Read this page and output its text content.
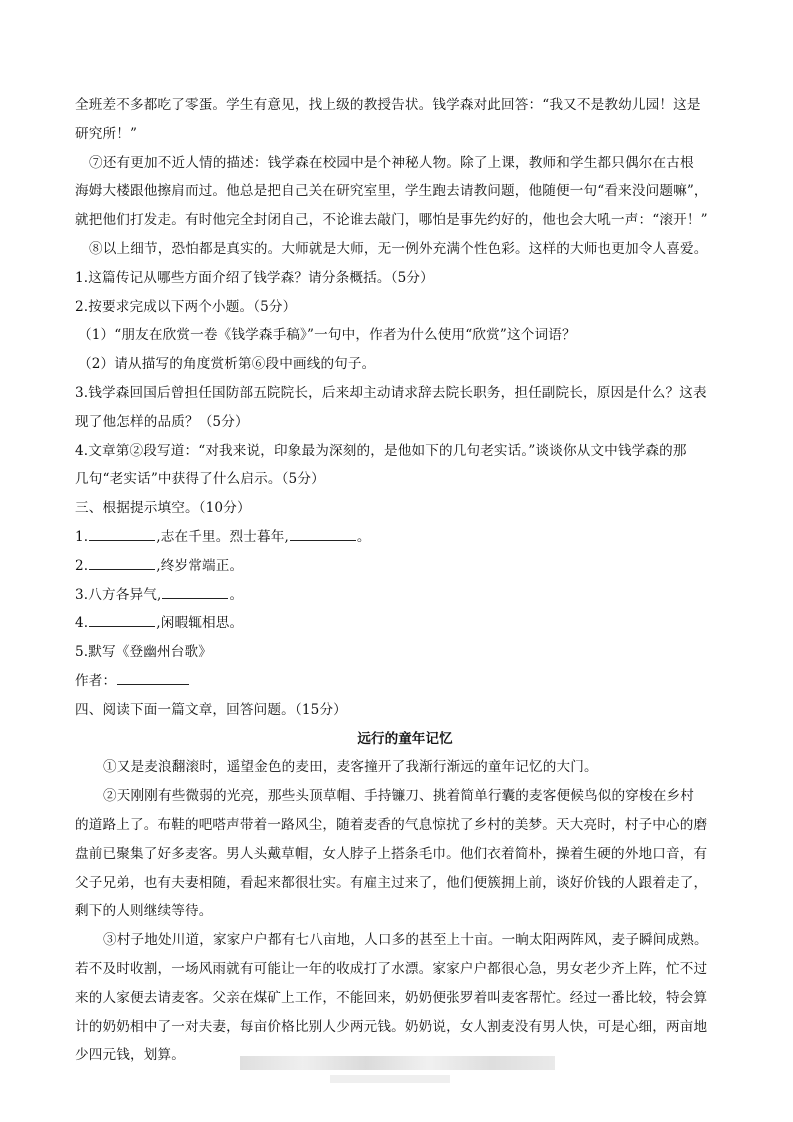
全班差不多都吃了零蛋。学生有意见，找上级的教授告状。钱学森对此回答：“我又不是教幼儿园！这是
研究所！”
⑦还有更加不近人情的描述：钱学森在校园中是个神秘人物。除了上课，教师和学生都只偶尔在古根
海姆大楼跟他擦肩而过。他总是把自己关在研究室里，学生跑去请教问题，他随便一句“看来没问题嘛”，
就把他们打发走。有时他完全封闭自己，不论谁去敲门，哪怕是事先约好的，他也会大吼一声：“滚开！”
⑧以上细节，恐怕都是真实的。大师就是大师，无一例外充满个性色彩。这样的大师也更加令人喜爱。
1.这篇传记从哪些方面介绍了钱学森？请分条概括。（5分）
2.按要求完成以下两个小题。（5分）
（1）“朋友在欣赏一卷《钱学森手稿》”一句中，作者为什么使用“欣赏”这个词语？
（2）请从描写的角度赏析第⑥段中画线的句子。
3.钱学森回国后曾担任国防部五院院长，后来却主动请求辞去院长职务，担任副院长，原因是什么？这表
现了他怎样的品质？（5分）
4.文章第②段写道：“对我来说，印象最为深刻的，是他如下的几句老实话。”谈谈你从文中钱学森的那
几句“老实话”中获得了什么启示。（5分）
三、根据提示填空。（10分）
1.	,志在千里。烈士暮年,	。
2.	,终岁常端正。
3.八方各异气,	。
4.	,闲暇辄相思。
5.默写《登幽州台歌》
作者：
四、阅读下面一篇文章，回答问题。（15分）
远行的童年记忆
①又是麦浪翻滚时，遥望金色的麦田，麦客撞开了我渐行渐远的童年记忆的大门。
②天刚刚有些微弱的光亮，那些头顶草帽、手持镰刀、挑着简单行囊的麦客便候鸟似的穿梭在乡村
的道路上了。布鞋的吧嗒声带着一路风尘，随着麦香的气息惊扰了乡村的美梦。天大亮时，村子中心的磨
盘前已聚集了好多麦客。男人头戴草帽，女人脖子上搭条毛巾。他们衣着简朴，操着生硬的外地口音，有
父子兄弟，也有夫妻相随，看起来都很壮实。有雇主过来了，他们便簇拥上前，谈好价钱的人跟着走了，
剩下的人则继续等待。
③村子地处川道，家家户户都有七八亩地，人口多的甚至上十亩。一晌太阳两阵风，麦子瞬间成熟。
若不及时收割，一场风雨就有可能让一年的收成打了水漂。家家户户都很心急，男女老少齐上阵，忙不过
来的人家便去请麦客。父亲在煤矿上工作，不能回来，奶奶便张罗着叫麦客帮忙。经过一番比较，特会算
计的奶奶相中了一对夫妻，每亩价格比别人少两元钱。奶奶说，女人割麦没有男人快，可是心细，两亩地
少四元钱，划算。
